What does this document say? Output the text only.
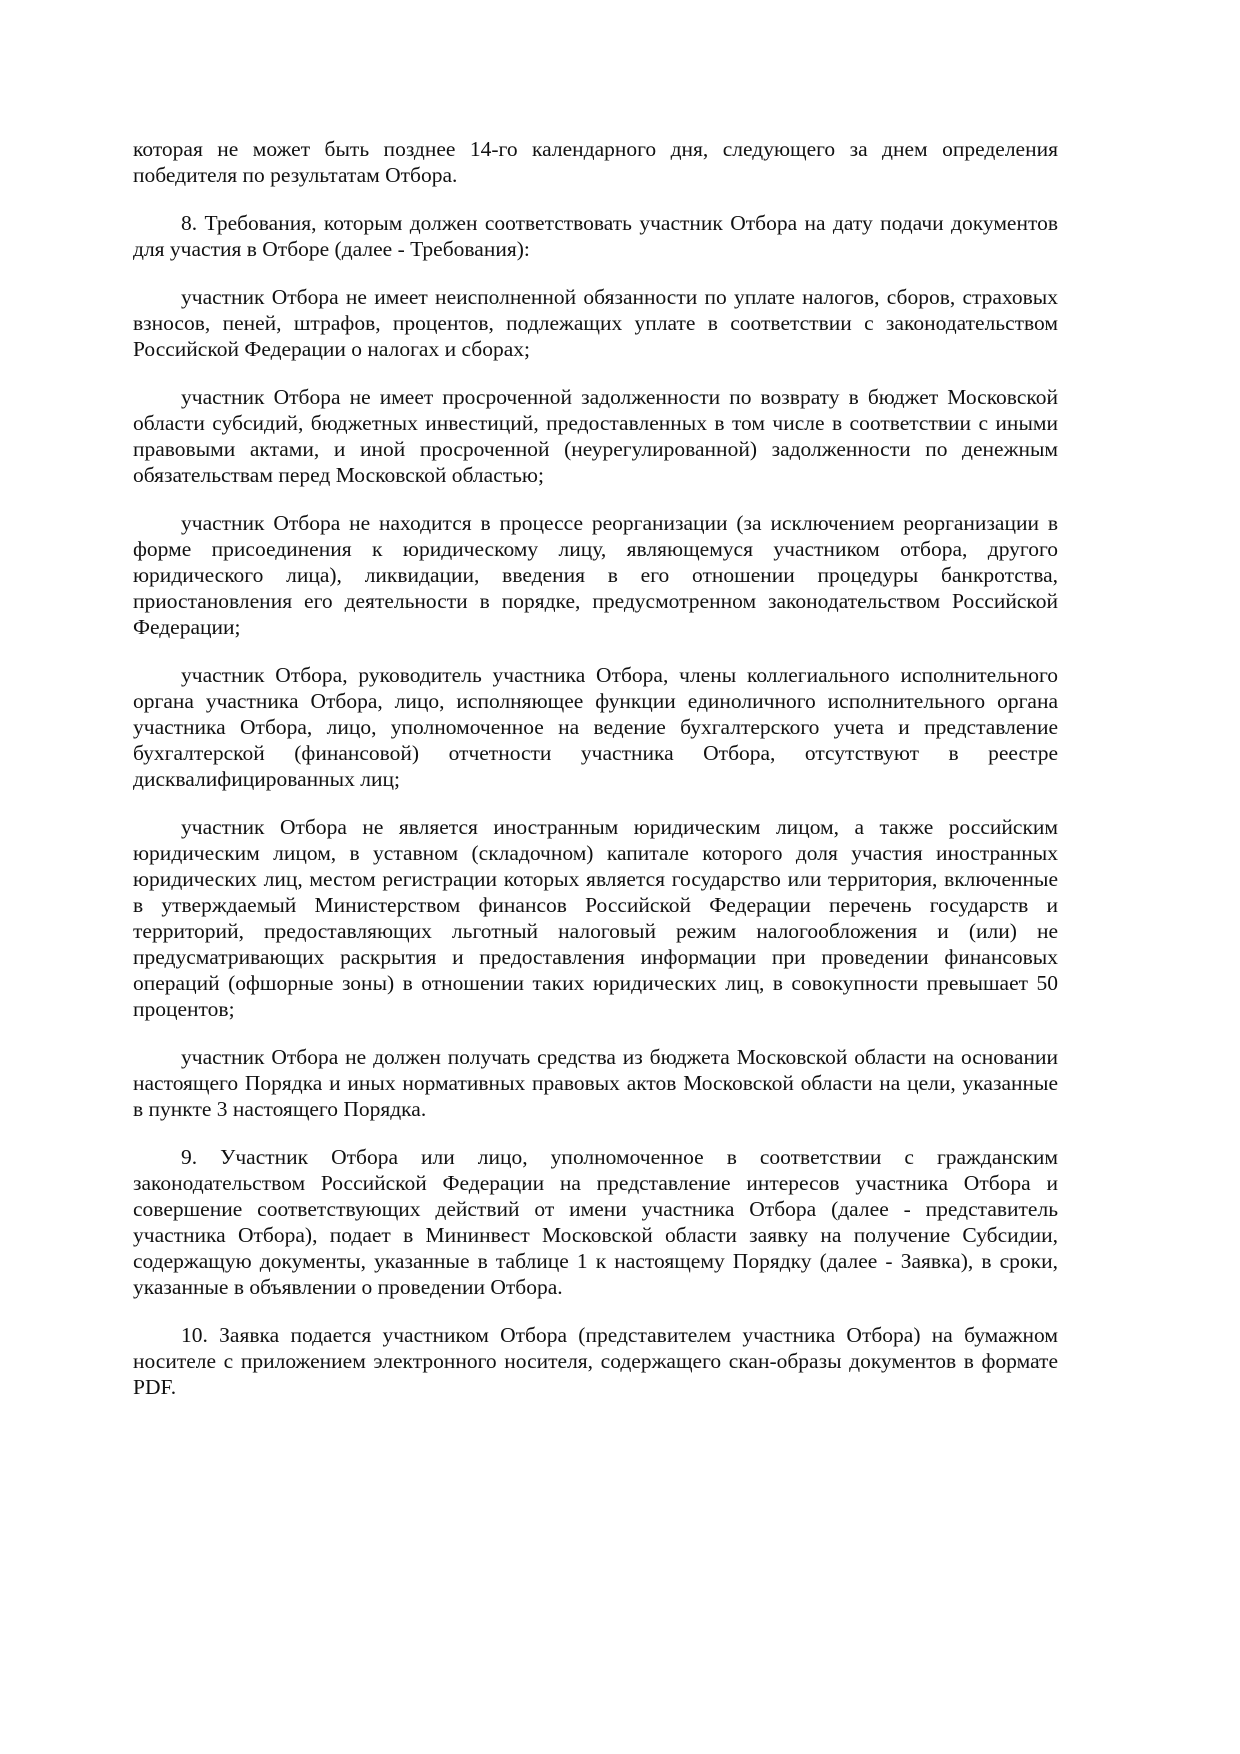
которая не может быть позднее 14-го календарного дня, следующего за днем определения победителя по результатам Отбора.

8. Требования, которым должен соответствовать участник Отбора на дату подачи документов для участия в Отборе (далее - Требования):

участник Отбора не имеет неисполненной обязанности по уплате налогов, сборов, страховых взносов, пеней, штрафов, процентов, подлежащих уплате в соответствии с законодательством Российской Федерации о налогах и сборах;

участник Отбора не имеет просроченной задолженности по возврату в бюджет Московской области субсидий, бюджетных инвестиций, предоставленных в том числе в соответствии с иными правовыми актами, и иной просроченной (неурегулированной) задолженности по денежным обязательствам перед Московской областью;

участник Отбора не находится в процессе реорганизации (за исключением реорганизации в форме присоединения к юридическому лицу, являющемуся участником отбора, другого юридического лица), ликвидации, введения в его отношении процедуры банкротства, приостановления его деятельности в порядке, предусмотренном законодательством Российской Федерации;

участник Отбора, руководитель участника Отбора, члены коллегиального исполнительного органа участника Отбора, лицо, исполняющее функции единоличного исполнительного органа участника Отбора, лицо, уполномоченное на ведение бухгалтерского учета и представление бухгалтерской (финансовой) отчетности участника Отбора, отсутствуют в реестре дисквалифицированных лиц;

участник Отбора не является иностранным юридическим лицом, а также российским юридическим лицом, в уставном (складочном) капитале которого доля участия иностранных юридических лиц, местом регистрации которых является государство или территория, включенные в утверждаемый Министерством финансов Российской Федерации перечень государств и территорий, предоставляющих льготный налоговый режим налогообложения и (или) не предусматривающих раскрытия и предоставления информации при проведении финансовых операций (офшорные зоны) в отношении таких юридических лиц, в совокупности превышает 50 процентов;

участник Отбора не должен получать средства из бюджета Московской области на основании настоящего Порядка и иных нормативных правовых актов Московской области на цели, указанные в пункте 3 настоящего Порядка.

9. Участник Отбора или лицо, уполномоченное в соответствии с гражданским законодательством Российской Федерации на представление интересов участника Отбора и совершение соответствующих действий от имени участника Отбора (далее - представитель участника Отбора), подает в Мининвест Московской области заявку на получение Субсидии, содержащую документы, указанные в таблице 1 к настоящему Порядку (далее - Заявка), в сроки, указанные в объявлении о проведении Отбора.

10. Заявка подается участником Отбора (представителем участника Отбора) на бумажном носителе с приложением электронного носителя, содержащего скан-образы документов в формате PDF.
